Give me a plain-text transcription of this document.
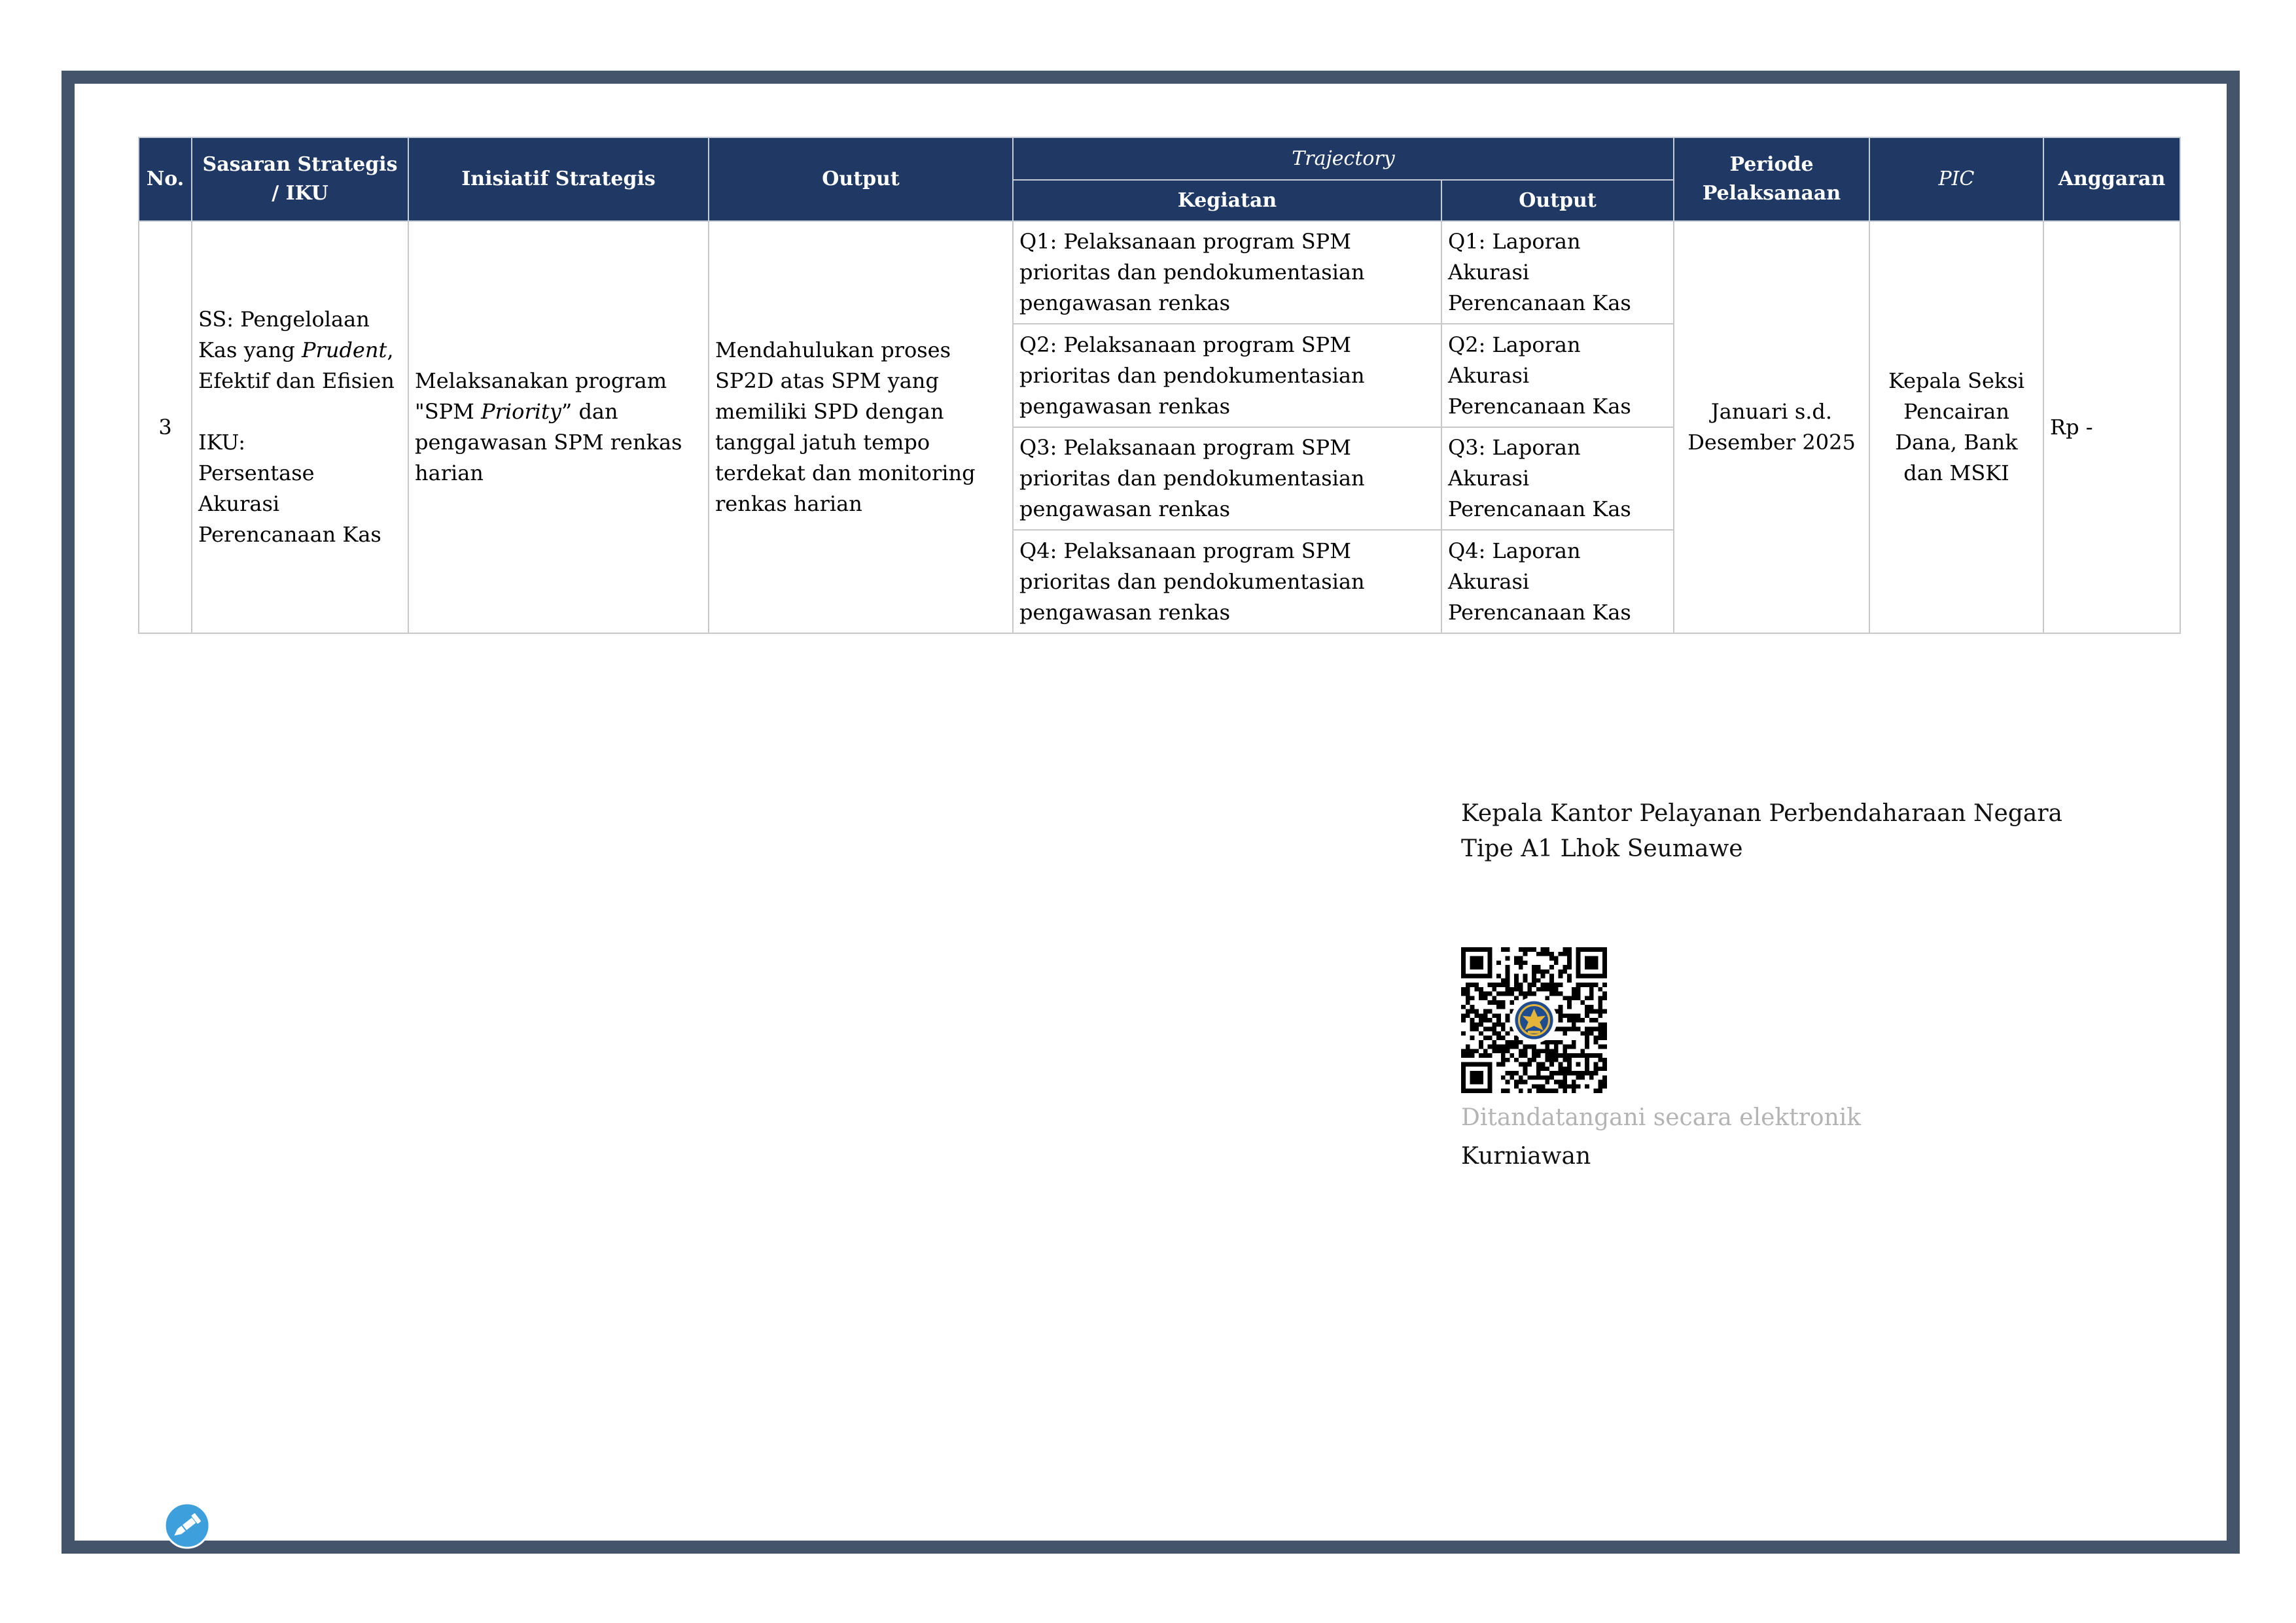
No.	Sasaran Strategis / IKU	Inisiatif Strategis	Output	Trajectory		Periode Pelaksanaan	PIC	Anggaran
				Kegiatan	Output			
3	SS: Pengelolaan Kas yang Prudent, Efektif dan Efisien
IKU:
Persentase Akurasi Perencanaan Kas	Melaksanakan program "SPM Priority” dan pengawasan SPM renkas harian	Mendahulukan proses SP2D atas SPM yang memiliki SPD dengan tanggal jatuh tempo terdekat dan monitoring renkas harian	Q1: Pelaksanaan program SPM prioritas dan pendokumentasian pengawasan renkas	Q1: Laporan Akurasi Perencanaan Kas	Januari s.d. Desember 2025	Kepala Seksi Pencairan Dana, Bank dan MSKI	Rp -
				Q2: Pelaksanaan program SPM prioritas dan pendokumentasian pengawasan renkas	Q2: Laporan Akurasi Perencanaan Kas			
				Q3: Pelaksanaan program SPM prioritas dan pendokumentasian pengawasan renkas	Q3: Laporan Akurasi Perencanaan Kas			
				Q4: Pelaksanaan program SPM prioritas dan pendokumentasian pengawasan renkas	Q4: Laporan Akurasi Perencanaan Kas			
Kepala Kantor Pelayanan Perbendaharaan Negara
Tipe A1 Lhok Seumawe
Ditandatangani secara elektronik
Kurniawan
